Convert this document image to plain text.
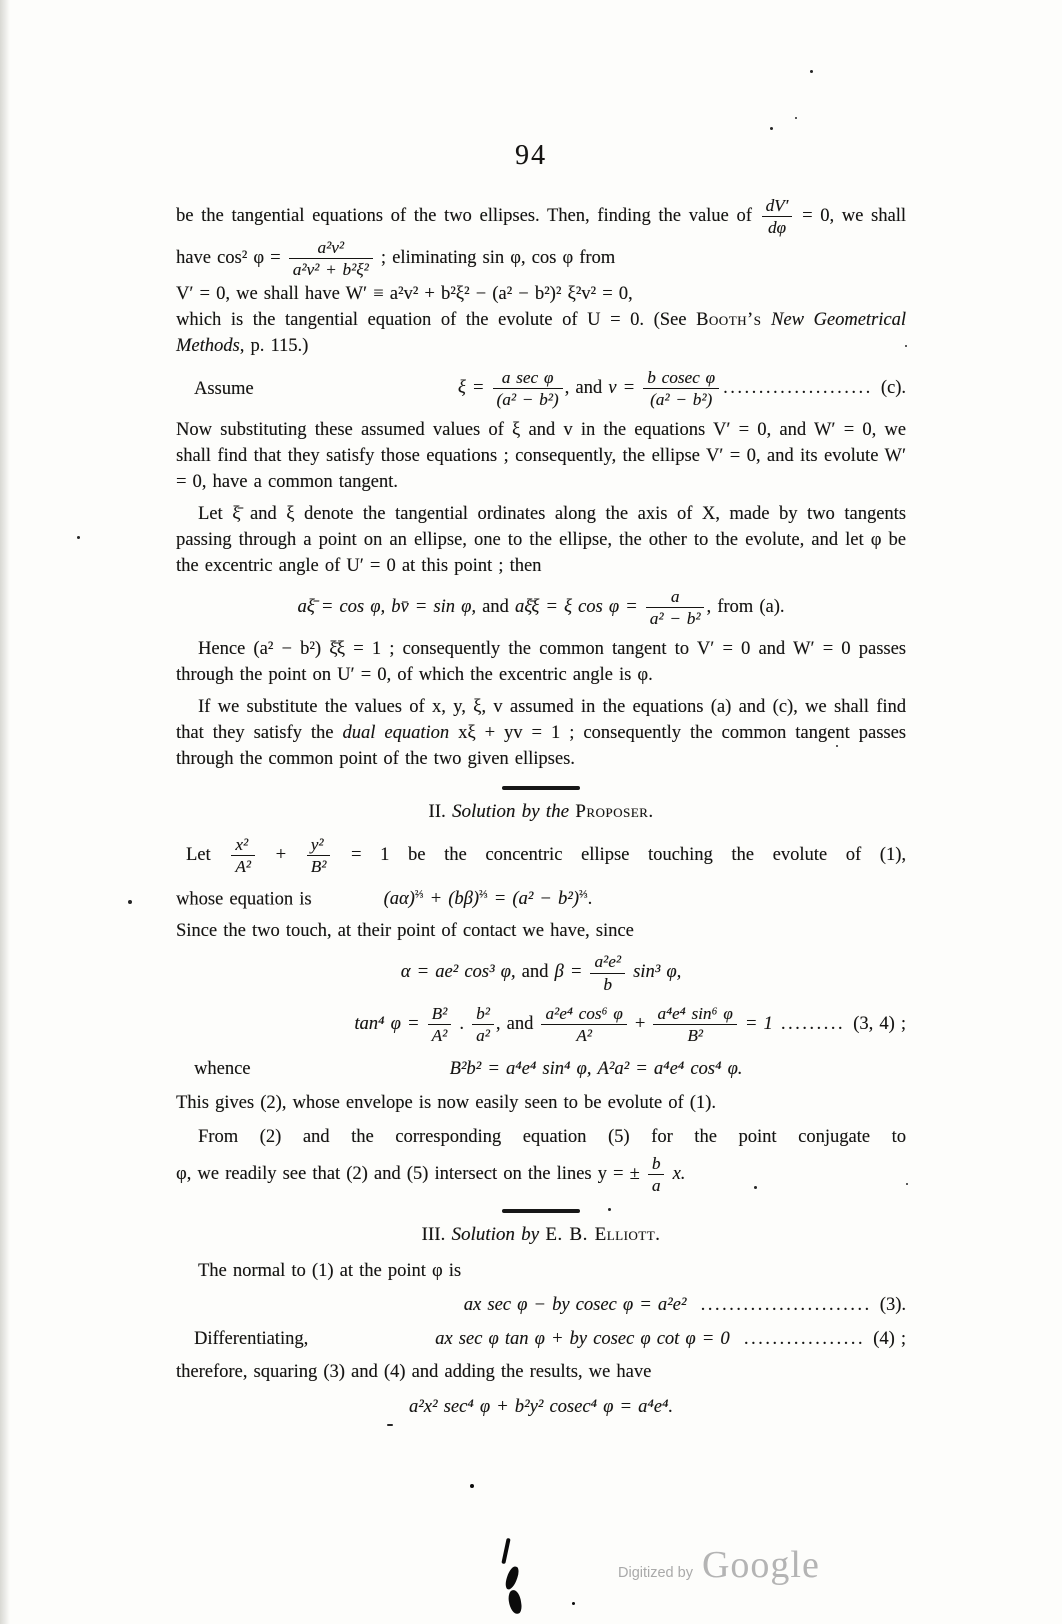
94

be the tangential equations of the two ellipses. Then, finding the value of $\frac{dV'}{d\varphi} = 0$, we shall have cos² $\varphi = \frac{\text{a²v²}}{\text{a²v² + b²ξ²}}$ ; eliminating sin φ, cos φ from

V′ = 0, we shall have W′ ≡ a²v² + b²ξ² − (a² − b²)² ξ²v² = 0,

which is the tangential equation of the evolute of U = 0. (See Booth’s New Geometrical Methods, p. 115.)

Assume	$\xi = \frac{\text{a sec φ}}{\text{(a² − b²)}}$ , and $v = \frac{\text{b cosec φ}}{\text{(a² − b²)}}$ ..................... (c).

Now substituting these assumed values of ξ and v in the equations V′ = 0, and W′ = 0, we shall find that they satisfy those equations ; consequently, the ellipse V′ = 0, and its evolute W′ = 0, have a common tangent.

Let ξ̄ and ξ denote the tangential ordinates along the axis of X, made by two tangents passing through a point on an ellipse, one to the ellipse, the other to the evolute, and let φ be the excentric angle of U′ = 0 at this point ; then

aξ̄ = cos φ, bv̄ = sin φ, and aξ̄ξ = ξ $\cos \varphi = \frac{a}{\text{a² − b²}}$ , from (a).

Hence (a² − b²) ξ̄ξ = 1 ; consequently the common tangent to V′ = 0 and W′ = 0 passes through the point on U′ = 0, of which the excentric angle is φ.

If we substitute the values of x, y, ξ, v assumed in the equations (a) and (c), we shall find that they satisfy the dual equation xξ + yv = 1 ; consequently the common tangent passes through the common point of the two given ellipses.

II. Solution by the Proposer.
Let $\frac{\text{x²}}{\text{A²}} + \frac{\text{y²}}{\text{B²}} = 1$ be the concentric ellipse touching the evolute of (1),
whose equation is	$(a\alpha)^{\frac{2}{3}} + (b\beta)^{\frac{2}{3}} = (a^2 - b^2)^{\frac{2}{3}}$.
Since the two touch, at their point of contact we have, since
α = ae² cos³ φ, and $\beta = \frac{\text{a²e²}}{b} \sin^3$ φ,
tan⁴ $\varphi = \frac{\text{B²}}{\text{A²}}$ . $\frac{\text{b²}}{\text{a²}}$ , and $\frac{\text{a²e⁴ cos⁶ φ}}{\text{A²}} + \frac{\text{a⁴e⁴ sin⁶ φ}}{\text{B²}} = 1$ ......... (3, 4) ;
whence	B²b² = a⁴e⁴ sin⁴ φ, A²a² = a⁴e⁴ cos⁴ φ.
This gives (2), whose envelope is now easily seen to be evolute of (1).

From (2) and the corresponding equation (5) for the point conjugate to

φ, we readily see that (2) and (5) intersect on the lines y = ± $\frac{b}{a} x$.
III. Solution by E. B. Elliott.
The normal to (1) at the point φ is
ax sec φ − by cosec φ = a²e² ........................ (3).
Differentiating,	ax sec φ tan φ + by cosec φ cot φ = 0 ................. (4) ;
therefore, squaring (3) and (4) and adding the results, we have
a²x² sec⁴ φ + b²y² cosec⁴ φ = a⁴e⁴.
Digitized by Google
